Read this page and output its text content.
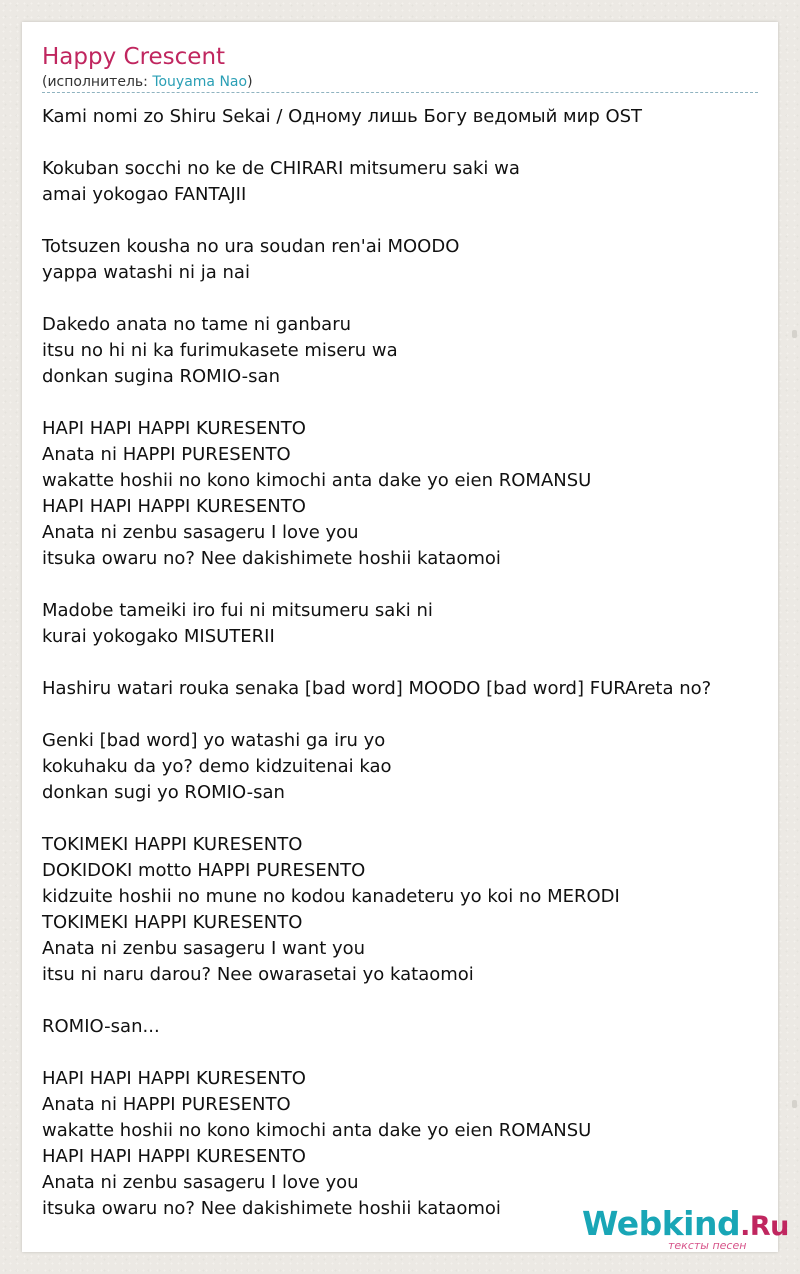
Happy Crescent
(исполнитель: Touyama Nao)
Kami nomi zo Shiru Sekai / Одному лишь Богу ведомый мир OST
Kokuban socchi no ke de CHIRARI mitsumeru saki wa
amai yokogao FANTAJII
Totsuzen kousha no ura soudan ren'ai MOODO
yappa watashi ni ja nai
Dakedo anata no tame ni ganbaru
itsu no hi ni ka furimukasete miseru wa
donkan sugina ROMIO-san
HAPI HAPI HAPPI KURESENTO
Anata ni HAPPI PURESENTO
wakatte hoshii no kono kimochi anta dake yo eien ROMANSU
HAPI HAPI HAPPI KURESENTO
Anata ni zenbu sasageru I love you
itsuka owaru no? Nee dakishimete hoshii kataomoi
Madobe tameiki iro fui ni mitsumeru saki ni
kurai yokogako MISUTERII
Hashiru watari rouka senaka [bad word] MOODO [bad word] FURAreta no?
Genki [bad word] yo watashi ga iru yo
kokuhaku da yo? demo kidzuitenai kao
donkan sugi yo ROMIO-san
TOKIMEKI HAPPI KURESENTO
DOKIDOKI motto HAPPI PURESENTO
kidzuite hoshii no mune no kodou kanadeteru yo koi no MERODI
TOKIMEKI HAPPI KURESENTO
Anata ni zenbu sasageru I want you
itsu ni naru darou? Nee owarasetai yo kataomoi
ROMIO-san...
HAPI HAPI HAPPI KURESENTO
Anata ni HAPPI PURESENTO
wakatte hoshii no kono kimochi anta dake yo eien ROMANSU
HAPI HAPI HAPPI KURESENTO
Anata ni zenbu sasageru I love you
itsuka owaru no? Nee dakishimete hoshii kataomoi	Webkind.Ru
тексты песен
